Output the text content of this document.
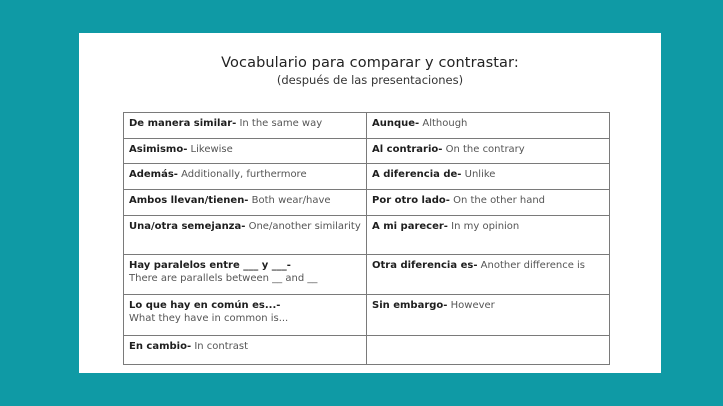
Vocabulario para comparar y contrastar:
(después de las presentaciones)
De manera similar- In the same way	Aunque- Although
Asimismo- Likewise	Al contrario- On the contrary
Además- Additionally, furthermore	A diferencia de- Unlike
Ambos llevan/tienen- Both wear/have	Por otro lado- On the other hand
Una/otra semejanza- One/another similarity	A mi parecer- In my opinion

Hay paralelos entre ___ y ___-
There are parallels between __ and __	Otra diferencia es- Another difference is

Lo que hay en común es...-
What they have in common is...	Sin embargo- However
En cambio- In contrast	
